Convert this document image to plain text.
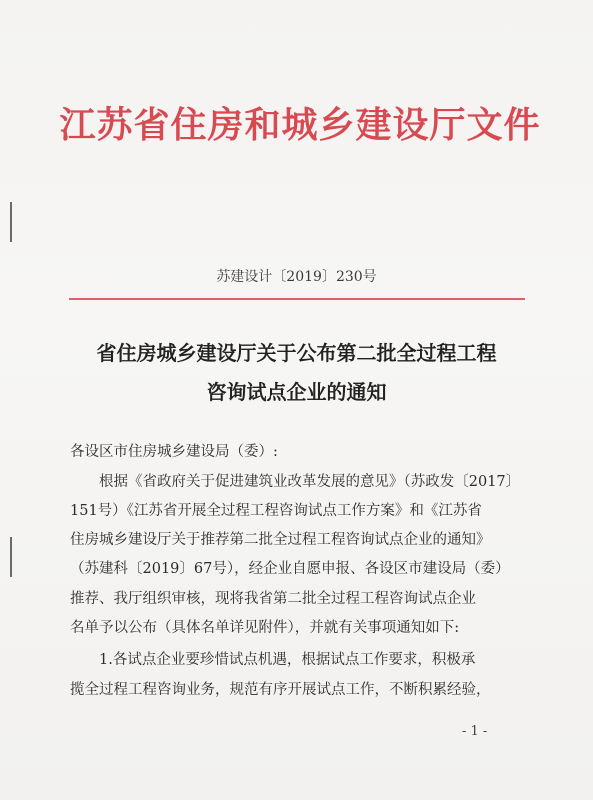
江苏省住房和城乡建设厅文件
苏建设计〔2019〕230号
省住房城乡建设厅关于公布第二批全过程工程
咨询试点企业的通知
各设区市住房城乡建设局（委）:
根据《省政府关于促进建筑业改革发展的意见》（苏政发〔2017〕
151号）《江苏省开展全过程工程咨询试点工作方案》和《江苏省
住房城乡建设厅关于推荐第二批全过程工程咨询试点企业的通知》
（苏建科〔2019〕67号），经企业自愿申报、各设区市建设局（委）
推荐、我厅组织审核，现将我省第二批全过程工程咨询试点企业
名单予以公布（具体名单详见附件），并就有关事项通知如下:
1.各试点企业要珍惜试点机遇，根据试点工作要求，积极承
揽全过程工程咨询业务，规范有序开展试点工作，不断积累经验，
- 1 -
